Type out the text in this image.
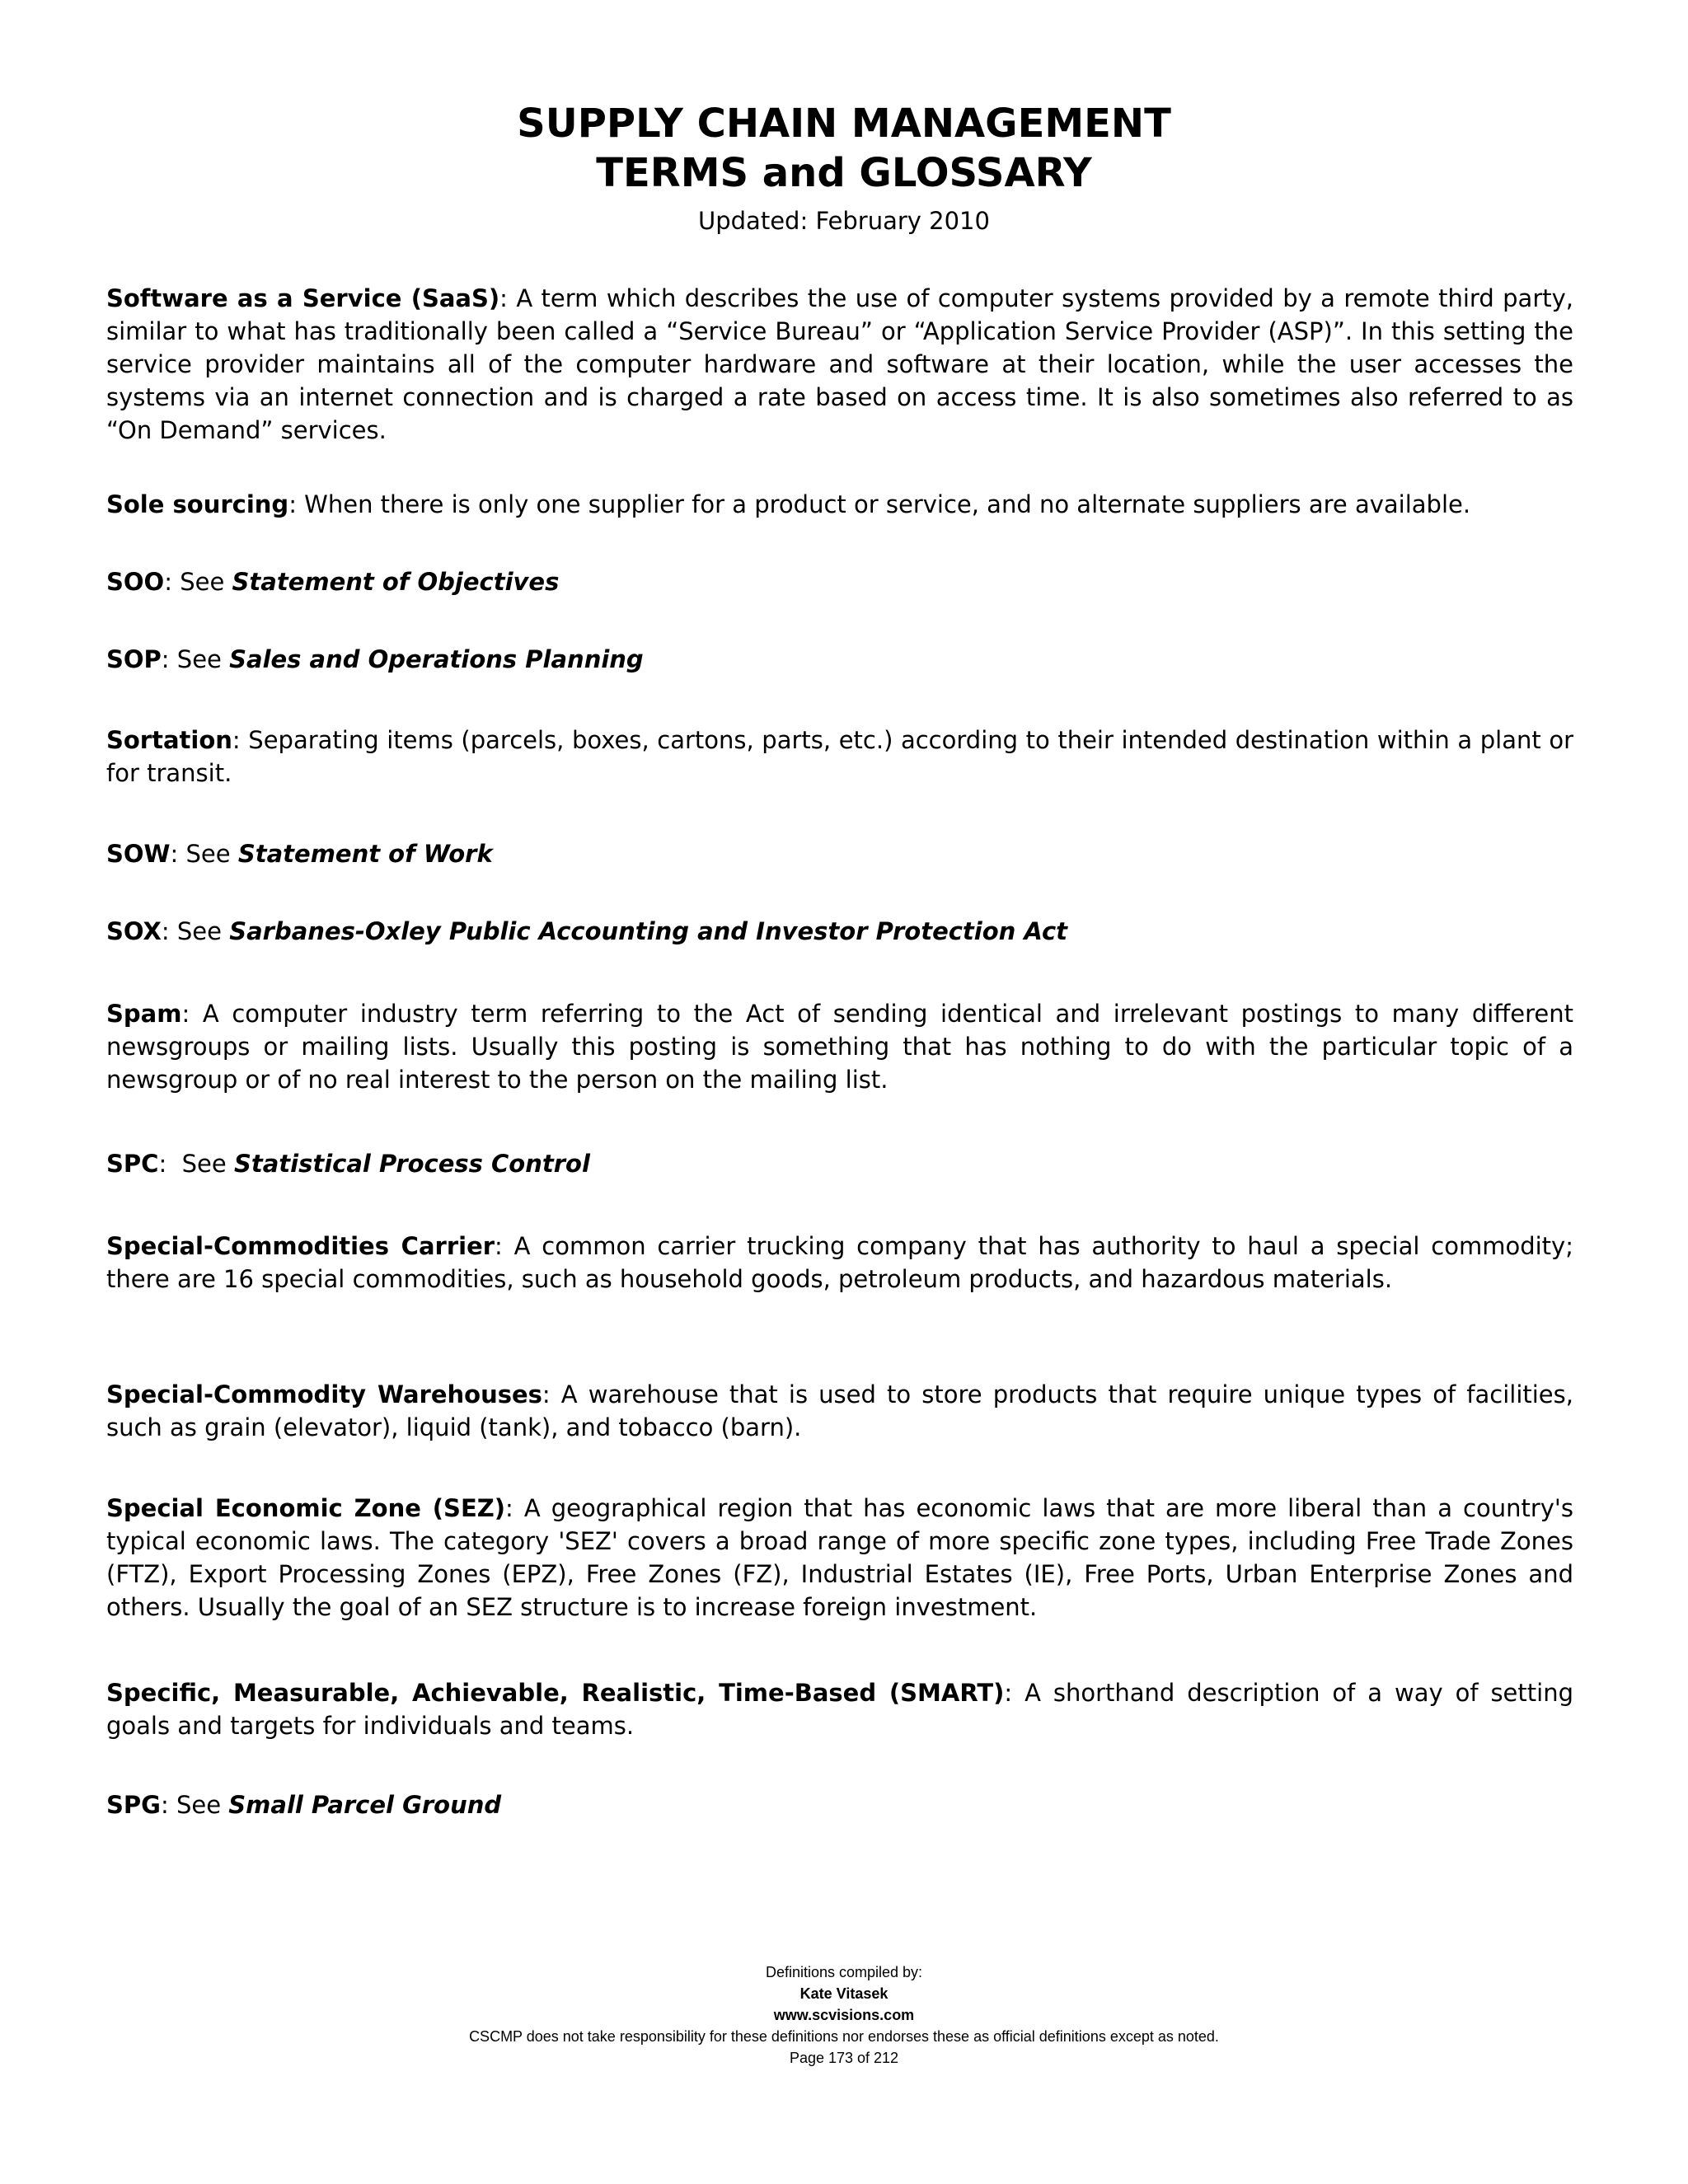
SUPPLY CHAIN MANAGEMENT
TERMS and GLOSSARY
Updated: February 2010

Software as a Service (SaaS): A term which describes the use of computer systems provided by a remote third party, similar to what has traditionally been called a “Service Bureau” or “Application Service Provider (ASP)”. In this setting the service provider maintains all of the computer hardware and software at their location, while the user accesses the systems via an internet connection and is charged a rate based on access time. It is also sometimes also referred to as “On Demand” services.

Sole sourcing: When there is only one supplier for a product or service, and no alternate suppliers are available.

SOO: See Statement of Objectives

SOP: See Sales and Operations Planning

Sortation: Separating items (parcels, boxes, cartons, parts, etc.) according to their intended destination within a plant or for transit.

SOW: See Statement of Work

SOX: See Sarbanes-Oxley Public Accounting and Investor Protection Act

Spam: A computer industry term referring to the Act of sending identical and irrelevant postings to many different newsgroups or mailing lists. Usually this posting is something that has nothing to do with the particular topic of a newsgroup or of no real interest to the person on the mailing list.

SPC:  See Statistical Process Control

Special-Commodities Carrier: A common carrier trucking company that has authority to haul a special commodity; there are 16 special commodities, such as household goods, petroleum products, and hazardous materials.

Special-Commodity Warehouses: A warehouse that is used to store products that require unique types of facilities, such as grain (elevator), liquid (tank), and tobacco (barn).

Special Economic Zone (SEZ): A geographical region that has economic laws that are more liberal than a country's typical economic laws. The category 'SEZ' covers a broad range of more specific zone types, including Free Trade Zones (FTZ), Export Processing Zones (EPZ), Free Zones (FZ), Industrial Estates (IE), Free Ports, Urban Enterprise Zones and others. Usually the goal of an SEZ structure is to increase foreign investment.

Specific, Measurable, Achievable, Realistic, Time-Based (SMART): A shorthand description of a way of setting goals and targets for individuals and teams.

SPG: See Small Parcel Ground

Definitions compiled by:
Kate Vitasek
www.scvisions.com
CSCMP does not take responsibility for these definitions nor endorses these as official definitions except as noted.
Page 173 of 212
